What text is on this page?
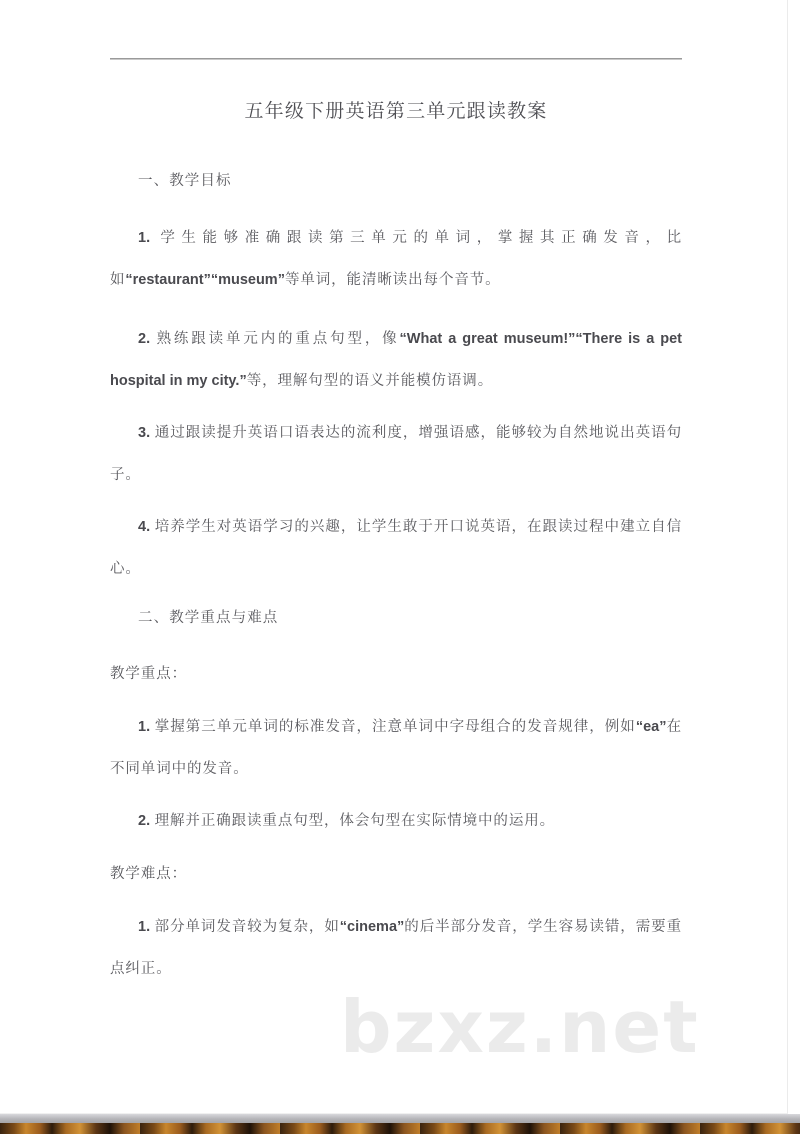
五年级下册英语第三单元跟读教案
一、教学目标
1. 学生能够准确跟读第三单元的单词，掌握其正确发音，比如“restaurant”“museum”等单词，能清晰读出每个音节。
2. 熟练跟读单元内的重点句型，像“What a great museum!”“There is a pet hospital in my city.”等，理解句型的语义并能模仿语调。
3. 通过跟读提升英语口语表达的流利度，增强语感，能够较为自然地说出英语句子。
4. 培养学生对英语学习的兴趣，让学生敢于开口说英语，在跟读过程中建立自信心。
二、教学重点与难点
教学重点：
1. 掌握第三单元单词的标准发音，注意单词中字母组合的发音规律，例如“ea”在不同单词中的发音。
2. 理解并正确跟读重点句型，体会句型在实际情境中的运用。
教学难点：
1. 部分单词发音较为复杂，如“cinema”的后半部分发音，学生容易读错，需要重点纠正。
bzxz.net
